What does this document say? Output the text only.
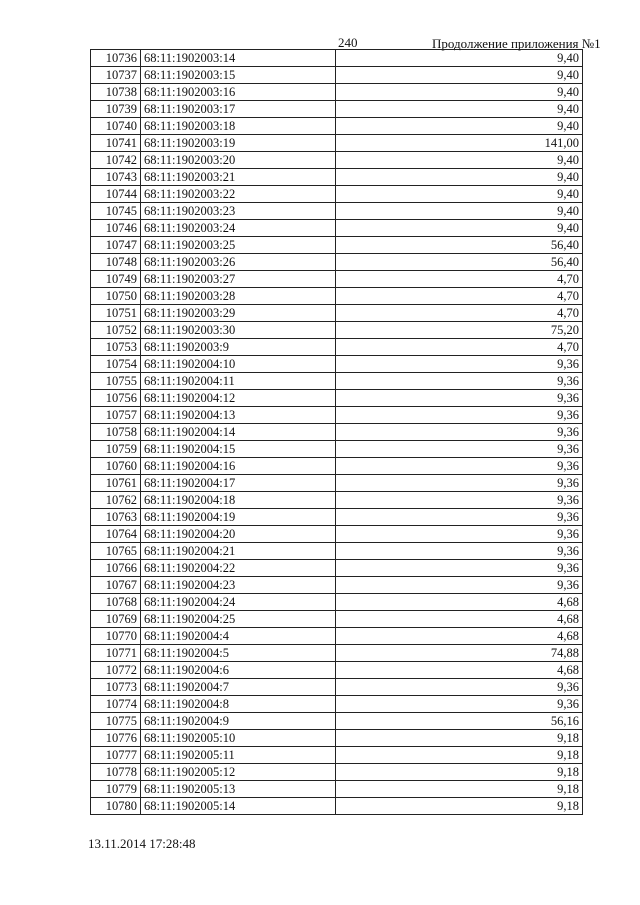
240	Продолжение приложения №1
10736	68:11:1902003:14	9,40
10737	68:11:1902003:15	9,40
10738	68:11:1902003:16	9,40
10739	68:11:1902003:17	9,40
10740	68:11:1902003:18	9,40
10741	68:11:1902003:19	141,00
10742	68:11:1902003:20	9,40
10743	68:11:1902003:21	9,40
10744	68:11:1902003:22	9,40
10745	68:11:1902003:23	9,40
10746	68:11:1902003:24	9,40
10747	68:11:1902003:25	56,40
10748	68:11:1902003:26	56,40
10749	68:11:1902003:27	4,70
10750	68:11:1902003:28	4,70
10751	68:11:1902003:29	4,70
10752	68:11:1902003:30	75,20
10753	68:11:1902003:9	4,70
10754	68:11:1902004:10	9,36
10755	68:11:1902004:11	9,36
10756	68:11:1902004:12	9,36
10757	68:11:1902004:13	9,36
10758	68:11:1902004:14	9,36
10759	68:11:1902004:15	9,36
10760	68:11:1902004:16	9,36
10761	68:11:1902004:17	9,36
10762	68:11:1902004:18	9,36
10763	68:11:1902004:19	9,36
10764	68:11:1902004:20	9,36
10765	68:11:1902004:21	9,36
10766	68:11:1902004:22	9,36
10767	68:11:1902004:23	9,36
10768	68:11:1902004:24	4,68
10769	68:11:1902004:25	4,68
10770	68:11:1902004:4	4,68
10771	68:11:1902004:5	74,88
10772	68:11:1902004:6	4,68
10773	68:11:1902004:7	9,36
10774	68:11:1902004:8	9,36
10775	68:11:1902004:9	56,16
10776	68:11:1902005:10	9,18
10777	68:11:1902005:11	9,18
10778	68:11:1902005:12	9,18
10779	68:11:1902005:13	9,18
10780	68:11:1902005:14	9,18
13.11.2014 17:28:48
